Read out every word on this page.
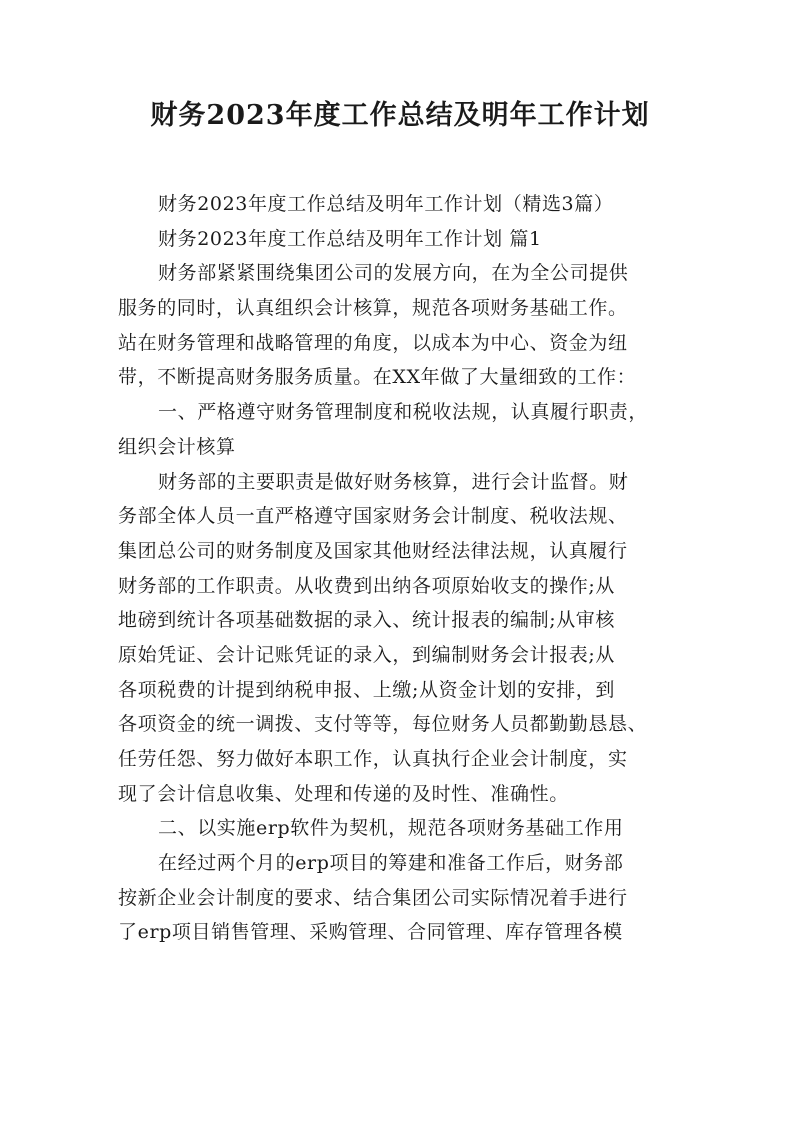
财务2023年度工作总结及明年工作计划
财务2023年度工作总结及明年工作计划（精选3篇）
财务2023年度工作总结及明年工作计划 篇1
财务部紧紧围绕集团公司的发展方向，在为全公司提供
服务的同时，认真组织会计核算，规范各项财务基础工作。
站在财务管理和战略管理的角度，以成本为中心、资金为纽
带，不断提高财务服务质量。在XX年做了大量细致的工作：
一、严格遵守财务管理制度和税收法规，认真履行职责，
组织会计核算
财务部的主要职责是做好财务核算，进行会计监督。财
务部全体人员一直严格遵守国家财务会计制度、税收法规、
集团总公司的财务制度及国家其他财经法律法规，认真履行
财务部的工作职责。从收费到出纳各项原始收支的操作;从
地磅到统计各项基础数据的录入、统计报表的编制;从审核
原始凭证、会计记账凭证的录入，到编制财务会计报表;从
各项税费的计提到纳税申报、上缴;从资金计划的安排，到
各项资金的统一调拨、支付等等，每位财务人员都勤勤恳恳、
任劳任怨、努力做好本职工作，认真执行企业会计制度，实
现了会计信息收集、处理和传递的及时性、准确性。
二、以实施erp软件为契机，规范各项财务基础工作用
在经过两个月的erp项目的筹建和准备工作后，财务部
按新企业会计制度的要求、结合集团公司实际情况着手进行
了erp项目销售管理、采购管理、合同管理、库存管理各模
